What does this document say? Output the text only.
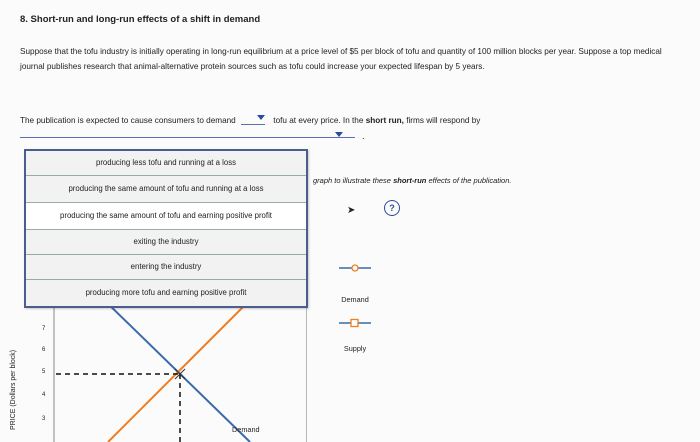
8. Short-run and long-run effects of a shift in demand
Suppose that the tofu industry is initially operating in long-run equilibrium at a price level of $5 per block of tofu and quantity of 100 million blocks per year. Suppose a top medical journal publishes research that animal-alternative protein sources such as tofu could increase your expected lifespan by 5 years.
The publication is expected to cause consumers to demand	tofu at every price. In the short run, firms will respond by
.
producing less tofu and running at a loss
producing the same amount of tofu and running at a loss
producing the same amount of tofu and earning positive profit
exiting the industry
entering the industry
producing more tofu and earning positive profit
graph to illustrate these short-run effects of the publication.
➤	?
Demand
Supply
PRICE (Dollars per block)
7
6
5
4
3
Demand
